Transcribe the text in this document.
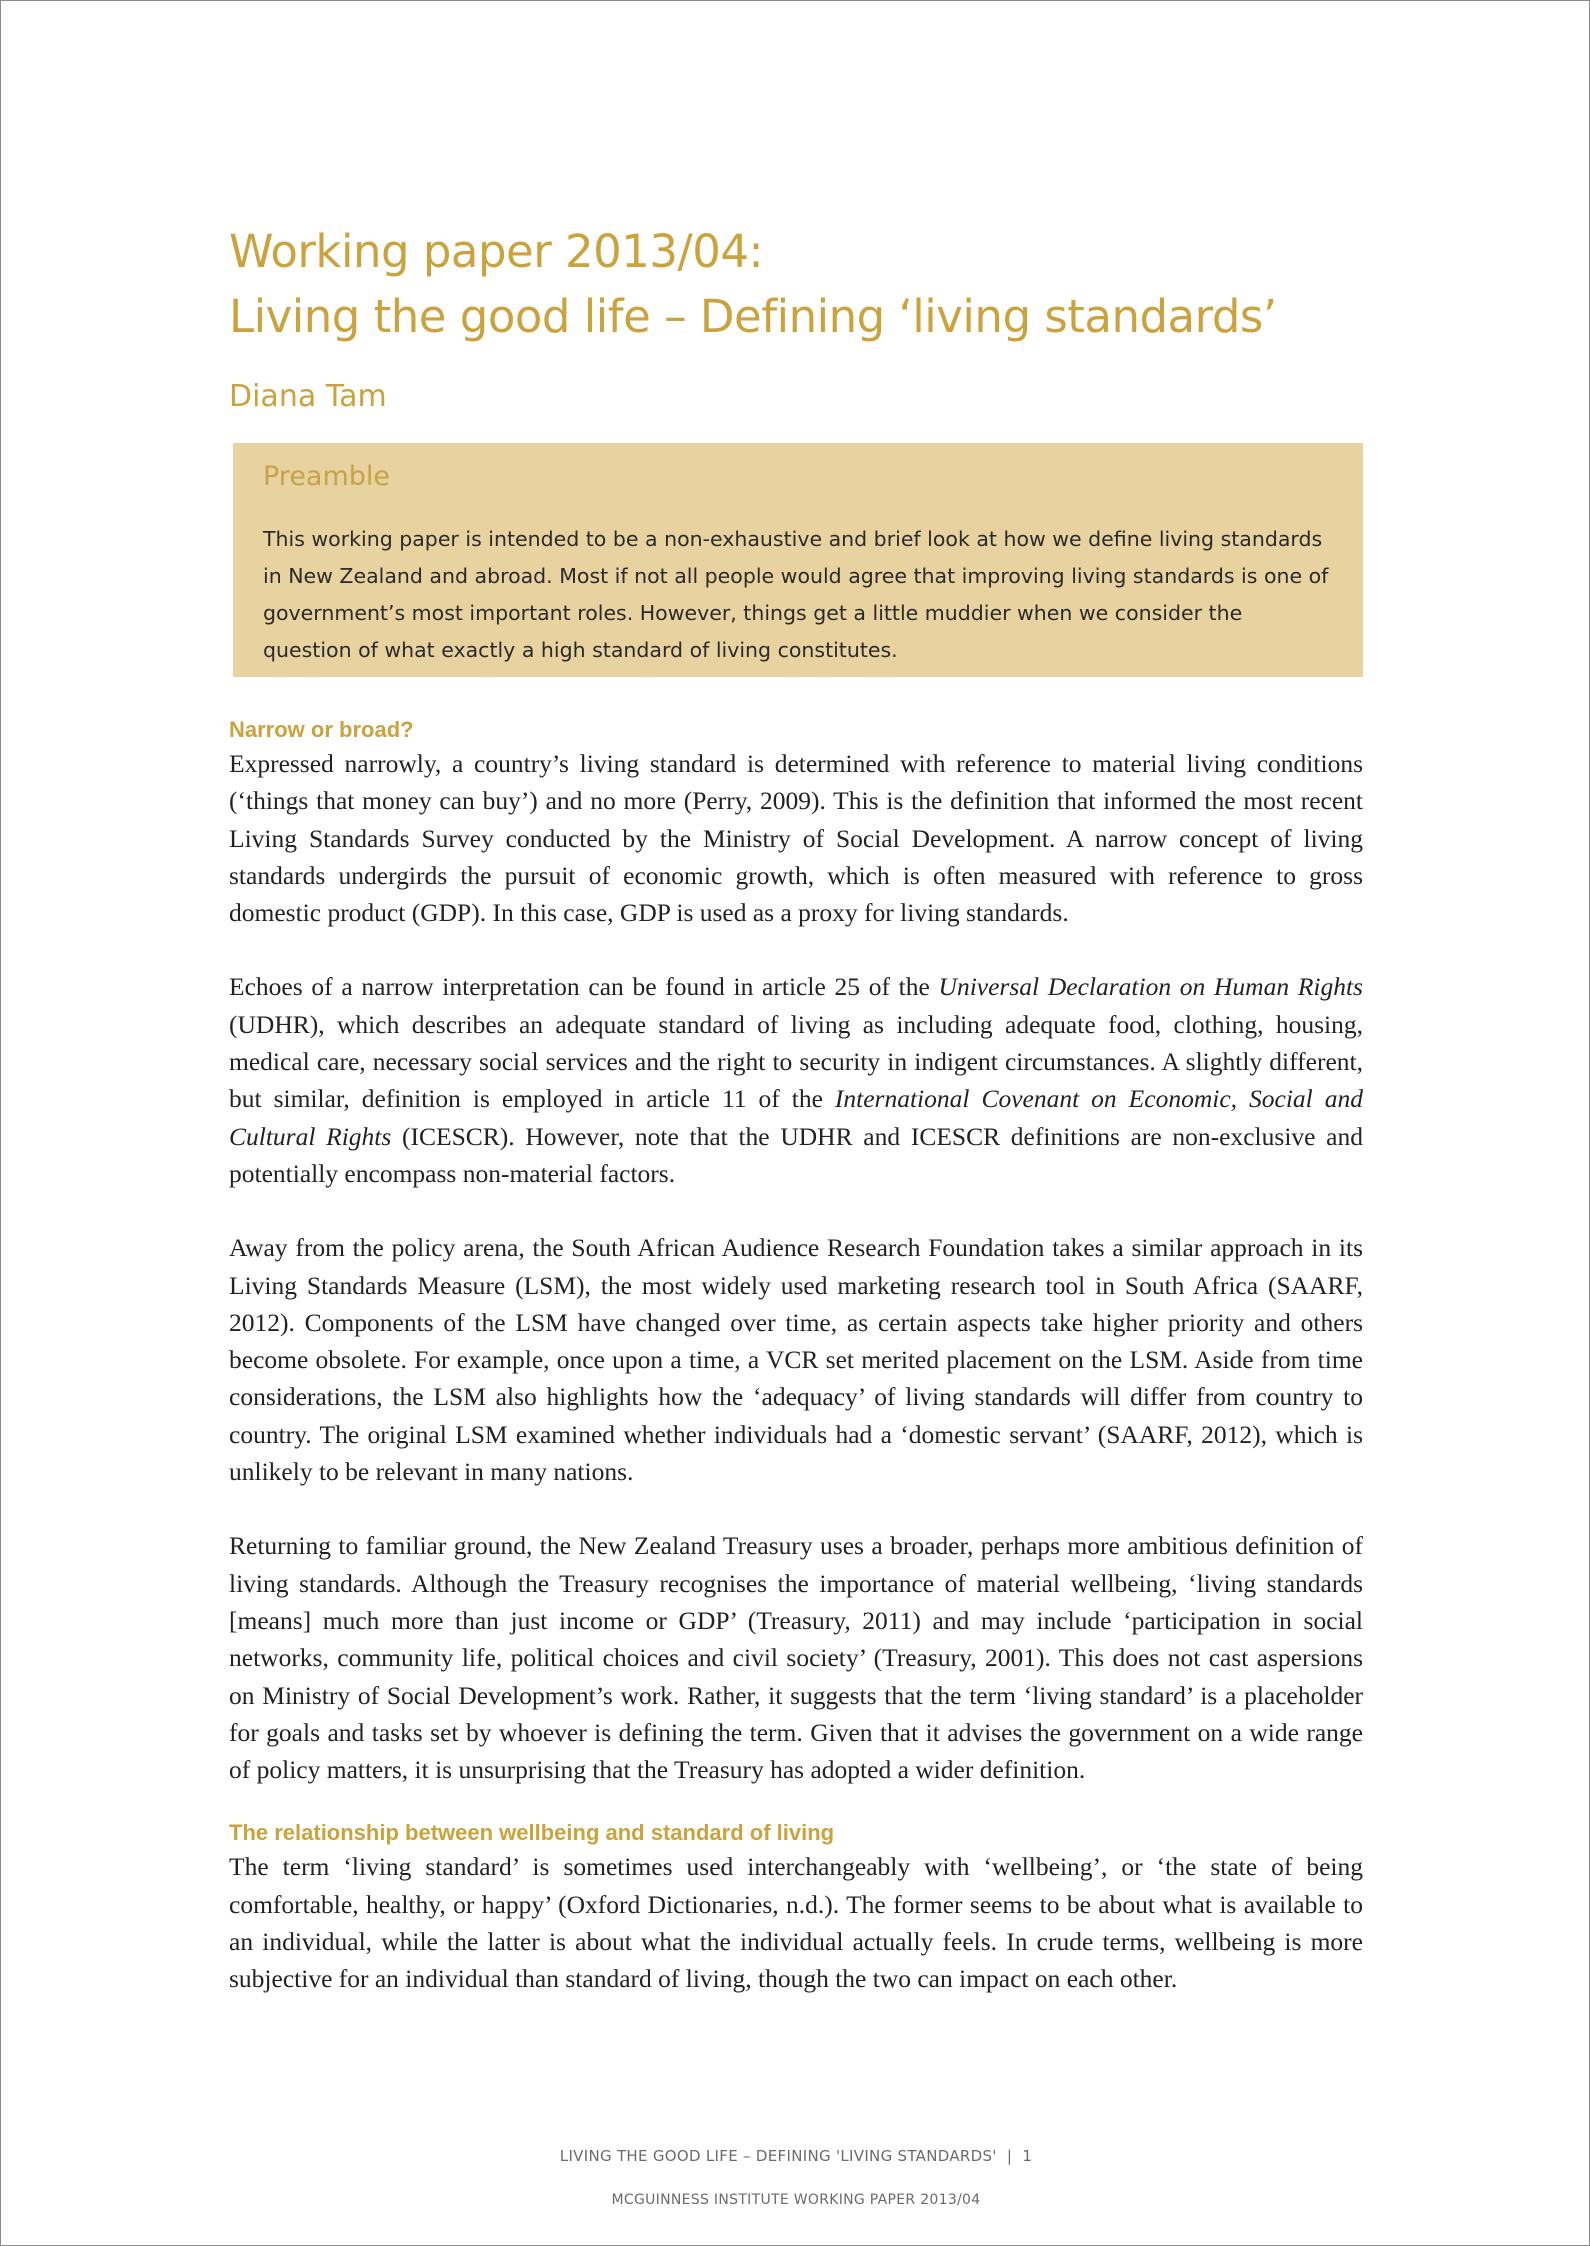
Working paper 2013/04:
Living the good life – Defining ‘living standards’
Diana Tam
Preamble

This working paper is intended to be a non-exhaustive and brief look at how we define living standards in New Zealand and abroad. Most if not all people would agree that improving living standards is one of government’s most important roles. However, things get a little muddier when we consider the question of what exactly a high standard of living constitutes.

Narrow or broad?

Expressed narrowly, a country’s living standard is determined with reference to material living conditions (‘things that money can buy’) and no more (Perry, 2009). This is the definition that informed the most recent Living Standards Survey conducted by the Ministry of Social Development. A narrow concept of living standards undergirds the pursuit of economic growth, which is often measured with reference to gross domestic product (GDP). In this case, GDP is used as a proxy for living standards.

Echoes of a narrow interpretation can be found in article 25 of the Universal Declaration on Human Rights (UDHR), which describes an adequate standard of living as including adequate food, clothing, housing, medical care, necessary social services and the right to security in indigent circumstances. A slightly different, but similar, definition is employed in article 11 of the International Covenant on Economic, Social and Cultural Rights (ICESCR). However, note that the UDHR and ICESCR definitions are non-exclusive and potentially encompass non-material factors.

Away from the policy arena, the South African Audience Research Foundation takes a similar approach in its Living Standards Measure (LSM), the most widely used marketing research tool in South Africa (SAARF, 2012). Components of the LSM have changed over time, as certain aspects take higher priority and others become obsolete. For example, once upon a time, a VCR set merited placement on the LSM. Aside from time considerations, the LSM also highlights how the ‘adequacy’ of living standards will differ from country to country. The original LSM examined whether individuals had a ‘domestic servant’ (SAARF, 2012), which is unlikely to be relevant in many nations.

Returning to familiar ground, the New Zealand Treasury uses a broader, perhaps more ambitious definition of living standards. Although the Treasury recognises the importance of material wellbeing, ‘living standards [means] much more than just income or GDP’ (Treasury, 2011) and may include ‘participation in social networks, community life, political choices and civil society’ (Treasury, 2001). This does not cast aspersions on Ministry of Social Development’s work. Rather, it suggests that the term ‘living standard’ is a placeholder for goals and tasks set by whoever is defining the term. Given that it advises the government on a wide range of policy matters, it is unsurprising that the Treasury has adopted a wider definition.

The relationship between wellbeing and standard of living

The term ‘living standard’ is sometimes used interchangeably with ‘wellbeing’, or ‘the state of being comfortable, healthy, or happy’ (Oxford Dictionaries, n.d.). The former seems to be about what is available to an individual, while the latter is about what the individual actually feels. In crude terms, wellbeing is more subjective for an individual than standard of living, though the two can impact on each other.

LIVING THE GOOD LIFE – DEFINING 'LIVING STANDARDS' | 1
MCGUINNESS INSTITUTE WORKING PAPER 2013/04
